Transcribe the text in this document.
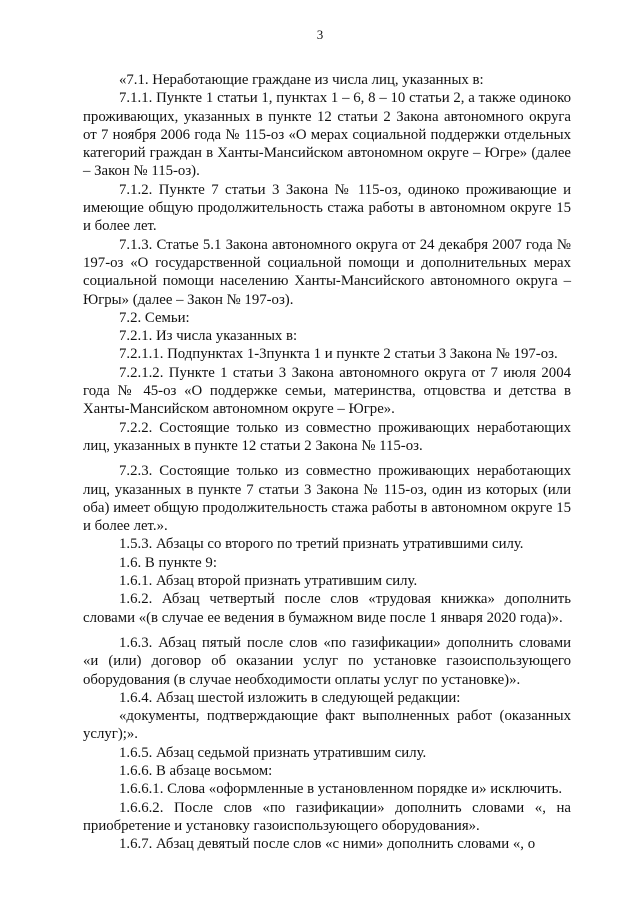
3

«7.1. Неработающие граждане из числа лиц, указанных в:

7.1.1. Пункте 1 статьи 1, пунктах 1 – 6, 8 – 10 статьи 2, а также одиноко проживающих, указанных в пункте 12 статьи 2 Закона автономного округа от 7 ноября 2006 года № 115-оз «О мерах социальной поддержки отдельных категорий граждан в Ханты-Мансийском автономном округе – Югре» (далее – Закон № 115-оз).

7.1.2. Пункте 7 статьи 3 Закона № 115-оз, одиноко проживающие и имеющие общую продолжительность стажа работы в автономном округе 15 и более лет.

7.1.3. Статье 5.1 Закона автономного округа от 24 декабря 2007 года № 197-оз «О государственной социальной помощи и дополнительных мерах социальной помощи населению Ханты-Мансийского автономного округа – Югры» (далее – Закон № 197-оз).

7.2. Семьи:

7.2.1. Из числа указанных в:

7.2.1.1. Подпунктах 1-3пункта 1 и пункте 2 статьи 3 Закона № 197-оз.

7.2.1.2. Пункте 1 статьи 3 Закона автономного округа от 7 июля 2004 года № 45-оз «О поддержке семьи, материнства, отцовства и детства в Ханты-Мансийском автономном округе – Югре».

7.2.2. Состоящие только из совместно проживающих неработающих лиц, указанных в пункте 12 статьи 2 Закона № 115-оз.

7.2.3. Состоящие только из совместно проживающих неработающих лиц, указанных в пункте 7 статьи 3 Закона № 115-оз, один из которых (или оба) имеет общую продолжительность стажа работы в автономном округе 15 и более лет.».

1.5.3. Абзацы со второго по третий признать утратившими силу.

1.6. В пункте 9:

1.6.1. Абзац второй признать утратившим силу.

1.6.2. Абзац четвертый после слов «трудовая книжка» дополнить словами «(в случае ее ведения в бумажном виде после 1 января 2020 года)».

1.6.3. Абзац пятый после слов «по газификации» дополнить словами «и (или) договор об оказании услуг по установке газоиспользующего оборудования (в случае необходимости оплаты услуг по установке)».

1.6.4. Абзац шестой изложить в следующей редакции:

«документы, подтверждающие факт выполненных работ (оказанных услуг);».

1.6.5. Абзац седьмой признать утратившим силу.

1.6.6. В абзаце восьмом:

1.6.6.1. Слова «оформленные в установленном порядке и» исключить.

1.6.6.2. После слов «по газификации» дополнить словами «, на приобретение и установку газоиспользующего оборудования».

1.6.7. Абзац девятый после слов «с ними» дополнить словами «, о
